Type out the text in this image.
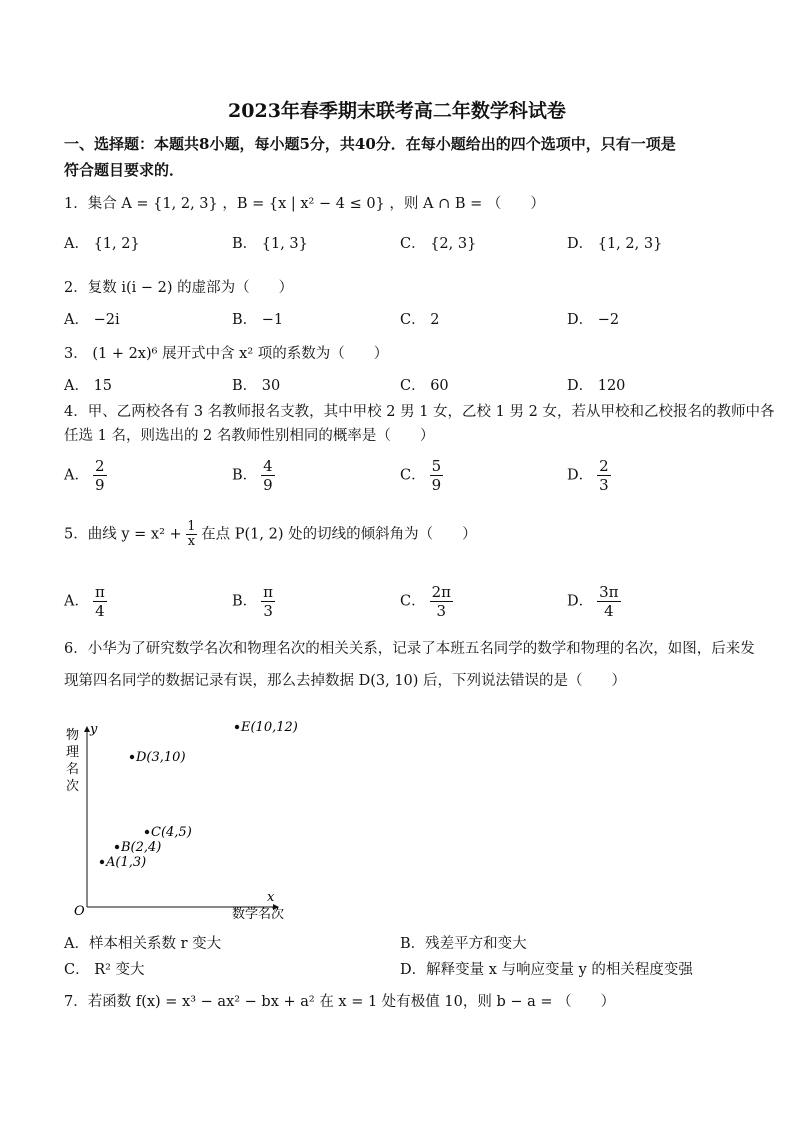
2023年春季期末联考高二年数学科试卷
一、选择题：本题共8小题，每小题5分，共40分．在每小题给出的四个选项中，只有一项是
符合题目要求的．
1．集合 A = {1, 2, 3} ，B = {x | x² − 4 ≤ 0} ，则 A ∩ B = （　　）
A． {1, 2}	B． {1, 3}	C． {2, 3}	D． {1, 2, 3}
2．复数 i(i − 2) 的虚部为（　　）
A． −2i	B． −1	C． 2	D． −2
3． (1 + 2x)⁶ 展开式中含 x² 项的系数为（　　）
A． 15	B． 30	C． 60	D． 120
4．甲、乙两校各有 3 名教师报名支教，其中甲校 2 男 1 女，乙校 1 男 2 女，若从甲校和乙校报名的教师中各
任选 1 名，则选出的 2 名教师性别相同的概率是（　　）
A． $\frac{2}{9}$	B． $\frac{4}{9}$	C． $\frac{5}{9}$	D． $\frac{2}{3}$
5．曲线 $y = x^2 + \frac{1}{x}$ 在点 P(1, 2) 处的切线的倾斜角为（　　）
A． $\frac{\pi}{4}$	B． $\frac{\pi}{3}$	C． $\frac{2\pi}{3}$	D． $\frac{3\pi}{4}$
6．小华为了研究数学名次和物理名次的相关关系，记录了本班五名同学的数学和物理的名次，如图，后来发
现第四名同学的数据记录有误，那么去掉数据 D(3, 10) 后，下列说法错误的是（　　）
y
x
O	数学名次
物
理
名
次
A(1,3)
B(2,4)
C(4,5)
D(3,10)
E(10,12)
A．样本相关系数 r 变大	B．残差平方和变大
C． R² 变大	D．解释变量 x 与响应变量 y 的相关程度变强
7．若函数 f(x) = x³ − ax² − bx + a² 在 x = 1 处有极值 10，则 b − a = （　　）
